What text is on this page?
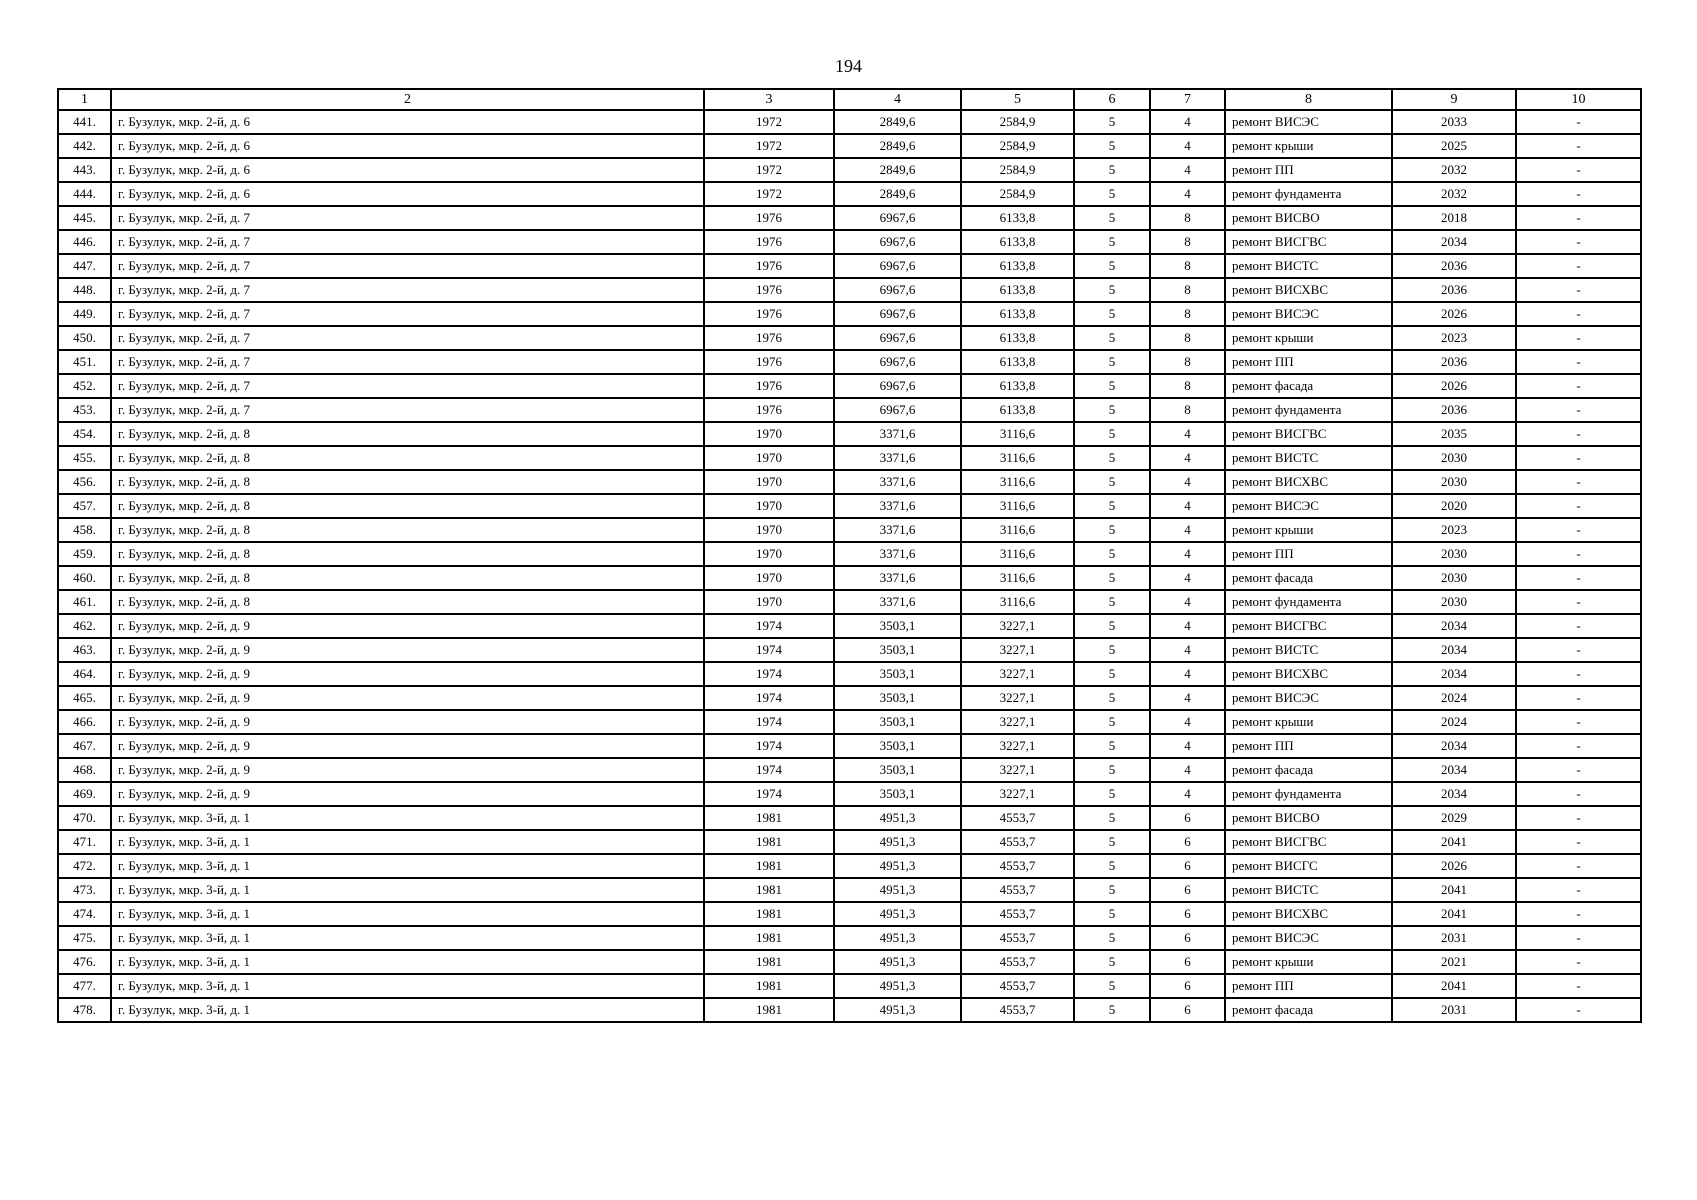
194
1	2	3	4	5	6	7	8	9	10
441.	г. Бузулук, мкр. 2-й, д. 6	1972	2849,6	2584,9	5	4	ремонт ВИСЭС	2033	-
442.	г. Бузулук, мкр. 2-й, д. 6	1972	2849,6	2584,9	5	4	ремонт крыши	2025	-
443.	г. Бузулук, мкр. 2-й, д. 6	1972	2849,6	2584,9	5	4	ремонт ПП	2032	-
444.	г. Бузулук, мкр. 2-й, д. 6	1972	2849,6	2584,9	5	4	ремонт фундамента	2032	-
445.	г. Бузулук, мкр. 2-й, д. 7	1976	6967,6	6133,8	5	8	ремонт ВИСВО	2018	-
446.	г. Бузулук, мкр. 2-й, д. 7	1976	6967,6	6133,8	5	8	ремонт ВИСГВС	2034	-
447.	г. Бузулук, мкр. 2-й, д. 7	1976	6967,6	6133,8	5	8	ремонт ВИСТС	2036	-
448.	г. Бузулук, мкр. 2-й, д. 7	1976	6967,6	6133,8	5	8	ремонт ВИСХВС	2036	-
449.	г. Бузулук, мкр. 2-й, д. 7	1976	6967,6	6133,8	5	8	ремонт ВИСЭС	2026	-
450.	г. Бузулук, мкр. 2-й, д. 7	1976	6967,6	6133,8	5	8	ремонт крыши	2023	-
451.	г. Бузулук, мкр. 2-й, д. 7	1976	6967,6	6133,8	5	8	ремонт ПП	2036	-
452.	г. Бузулук, мкр. 2-й, д. 7	1976	6967,6	6133,8	5	8	ремонт фасада	2026	-
453.	г. Бузулук, мкр. 2-й, д. 7	1976	6967,6	6133,8	5	8	ремонт фундамента	2036	-
454.	г. Бузулук, мкр. 2-й, д. 8	1970	3371,6	3116,6	5	4	ремонт ВИСГВС	2035	-
455.	г. Бузулук, мкр. 2-й, д. 8	1970	3371,6	3116,6	5	4	ремонт ВИСТС	2030	-
456.	г. Бузулук, мкр. 2-й, д. 8	1970	3371,6	3116,6	5	4	ремонт ВИСХВС	2030	-
457.	г. Бузулук, мкр. 2-й, д. 8	1970	3371,6	3116,6	5	4	ремонт ВИСЭС	2020	-
458.	г. Бузулук, мкр. 2-й, д. 8	1970	3371,6	3116,6	5	4	ремонт крыши	2023	-
459.	г. Бузулук, мкр. 2-й, д. 8	1970	3371,6	3116,6	5	4	ремонт ПП	2030	-
460.	г. Бузулук, мкр. 2-й, д. 8	1970	3371,6	3116,6	5	4	ремонт фасада	2030	-
461.	г. Бузулук, мкр. 2-й, д. 8	1970	3371,6	3116,6	5	4	ремонт фундамента	2030	-
462.	г. Бузулук, мкр. 2-й, д. 9	1974	3503,1	3227,1	5	4	ремонт ВИСГВС	2034	-
463.	г. Бузулук, мкр. 2-й, д. 9	1974	3503,1	3227,1	5	4	ремонт ВИСТС	2034	-
464.	г. Бузулук, мкр. 2-й, д. 9	1974	3503,1	3227,1	5	4	ремонт ВИСХВС	2034	-
465.	г. Бузулук, мкр. 2-й, д. 9	1974	3503,1	3227,1	5	4	ремонт ВИСЭС	2024	-
466.	г. Бузулук, мкр. 2-й, д. 9	1974	3503,1	3227,1	5	4	ремонт крыши	2024	-
467.	г. Бузулук, мкр. 2-й, д. 9	1974	3503,1	3227,1	5	4	ремонт ПП	2034	-
468.	г. Бузулук, мкр. 2-й, д. 9	1974	3503,1	3227,1	5	4	ремонт фасада	2034	-
469.	г. Бузулук, мкр. 2-й, д. 9	1974	3503,1	3227,1	5	4	ремонт фундамента	2034	-
470.	г. Бузулук, мкр. 3-й, д. 1	1981	4951,3	4553,7	5	6	ремонт ВИСВО	2029	-
471.	г. Бузулук, мкр. 3-й, д. 1	1981	4951,3	4553,7	5	6	ремонт ВИСГВС	2041	-
472.	г. Бузулук, мкр. 3-й, д. 1	1981	4951,3	4553,7	5	6	ремонт ВИСГС	2026	-
473.	г. Бузулук, мкр. 3-й, д. 1	1981	4951,3	4553,7	5	6	ремонт ВИСТС	2041	-
474.	г. Бузулук, мкр. 3-й, д. 1	1981	4951,3	4553,7	5	6	ремонт ВИСХВС	2041	-
475.	г. Бузулук, мкр. 3-й, д. 1	1981	4951,3	4553,7	5	6	ремонт ВИСЭС	2031	-
476.	г. Бузулук, мкр. 3-й, д. 1	1981	4951,3	4553,7	5	6	ремонт крыши	2021	-
477.	г. Бузулук, мкр. 3-й, д. 1	1981	4951,3	4553,7	5	6	ремонт ПП	2041	-
478.	г. Бузулук, мкр. 3-й, д. 1	1981	4951,3	4553,7	5	6	ремонт фасада	2031	-
